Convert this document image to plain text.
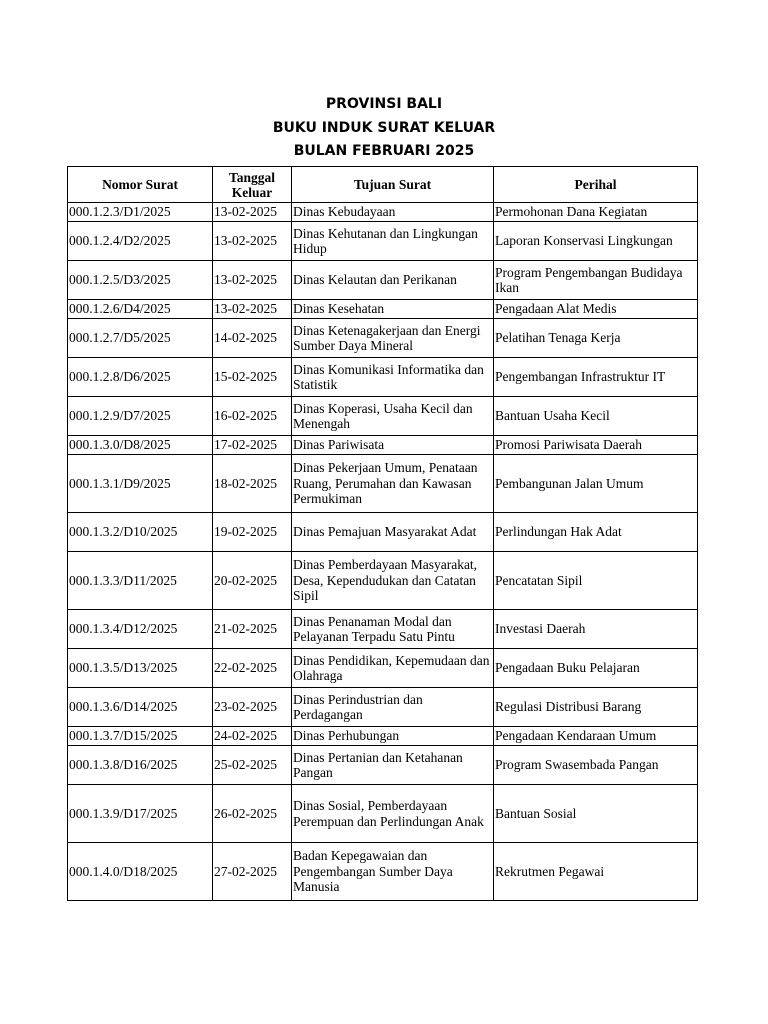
PROVINSI BALI
BUKU INDUK SURAT KELUAR
BULAN FEBRUARI 2025
Nomor Surat	Tanggal Keluar	Tujuan Surat	Perihal
000.1.2.3/D1/2025	13-02-2025	Dinas Kebudayaan	Permohonan Dana Kegiatan
000.1.2.4/D2/2025	13-02-2025	Dinas Kehutanan dan Lingkungan Hidup	Laporan Konservasi Lingkungan
000.1.2.5/D3/2025	13-02-2025	Dinas Kelautan dan Perikanan	Program Pengembangan Budidaya Ikan
000.1.2.6/D4/2025	13-02-2025	Dinas Kesehatan	Pengadaan Alat Medis
000.1.2.7/D5/2025	14-02-2025	Dinas Ketenagakerjaan dan Energi Sumber Daya Mineral	Pelatihan Tenaga Kerja
000.1.2.8/D6/2025	15-02-2025	Dinas Komunikasi Informatika dan Statistik	Pengembangan Infrastruktur IT
000.1.2.9/D7/2025	16-02-2025	Dinas Koperasi, Usaha Kecil dan Menengah	Bantuan Usaha Kecil
000.1.3.0/D8/2025	17-02-2025	Dinas Pariwisata	Promosi Pariwisata Daerah
000.1.3.1/D9/2025	18-02-2025	Dinas Pekerjaan Umum, Penataan Ruang, Perumahan dan Kawasan Permukiman	Pembangunan Jalan Umum
000.1.3.2/D10/2025	19-02-2025	Dinas Pemajuan Masyarakat Adat	Perlindungan Hak Adat
000.1.3.3/D11/2025	20-02-2025	Dinas Pemberdayaan Masyarakat, Desa, Kependudukan dan Catatan Sipil	Pencatatan Sipil
000.1.3.4/D12/2025	21-02-2025	Dinas Penanaman Modal dan Pelayanan Terpadu Satu Pintu	Investasi Daerah
000.1.3.5/D13/2025	22-02-2025	Dinas Pendidikan, Kepemudaan dan Olahraga	Pengadaan Buku Pelajaran
000.1.3.6/D14/2025	23-02-2025	Dinas Perindustrian dan Perdagangan	Regulasi Distribusi Barang
000.1.3.7/D15/2025	24-02-2025	Dinas Perhubungan	Pengadaan Kendaraan Umum
000.1.3.8/D16/2025	25-02-2025	Dinas Pertanian dan Ketahanan Pangan	Program Swasembada Pangan
000.1.3.9/D17/2025	26-02-2025	Dinas Sosial, Pemberdayaan Perempuan dan Perlindungan Anak	Bantuan Sosial
000.1.4.0/D18/2025	27-02-2025	Badan Kepegawaian dan Pengembangan Sumber Daya Manusia	Rekrutmen Pegawai
